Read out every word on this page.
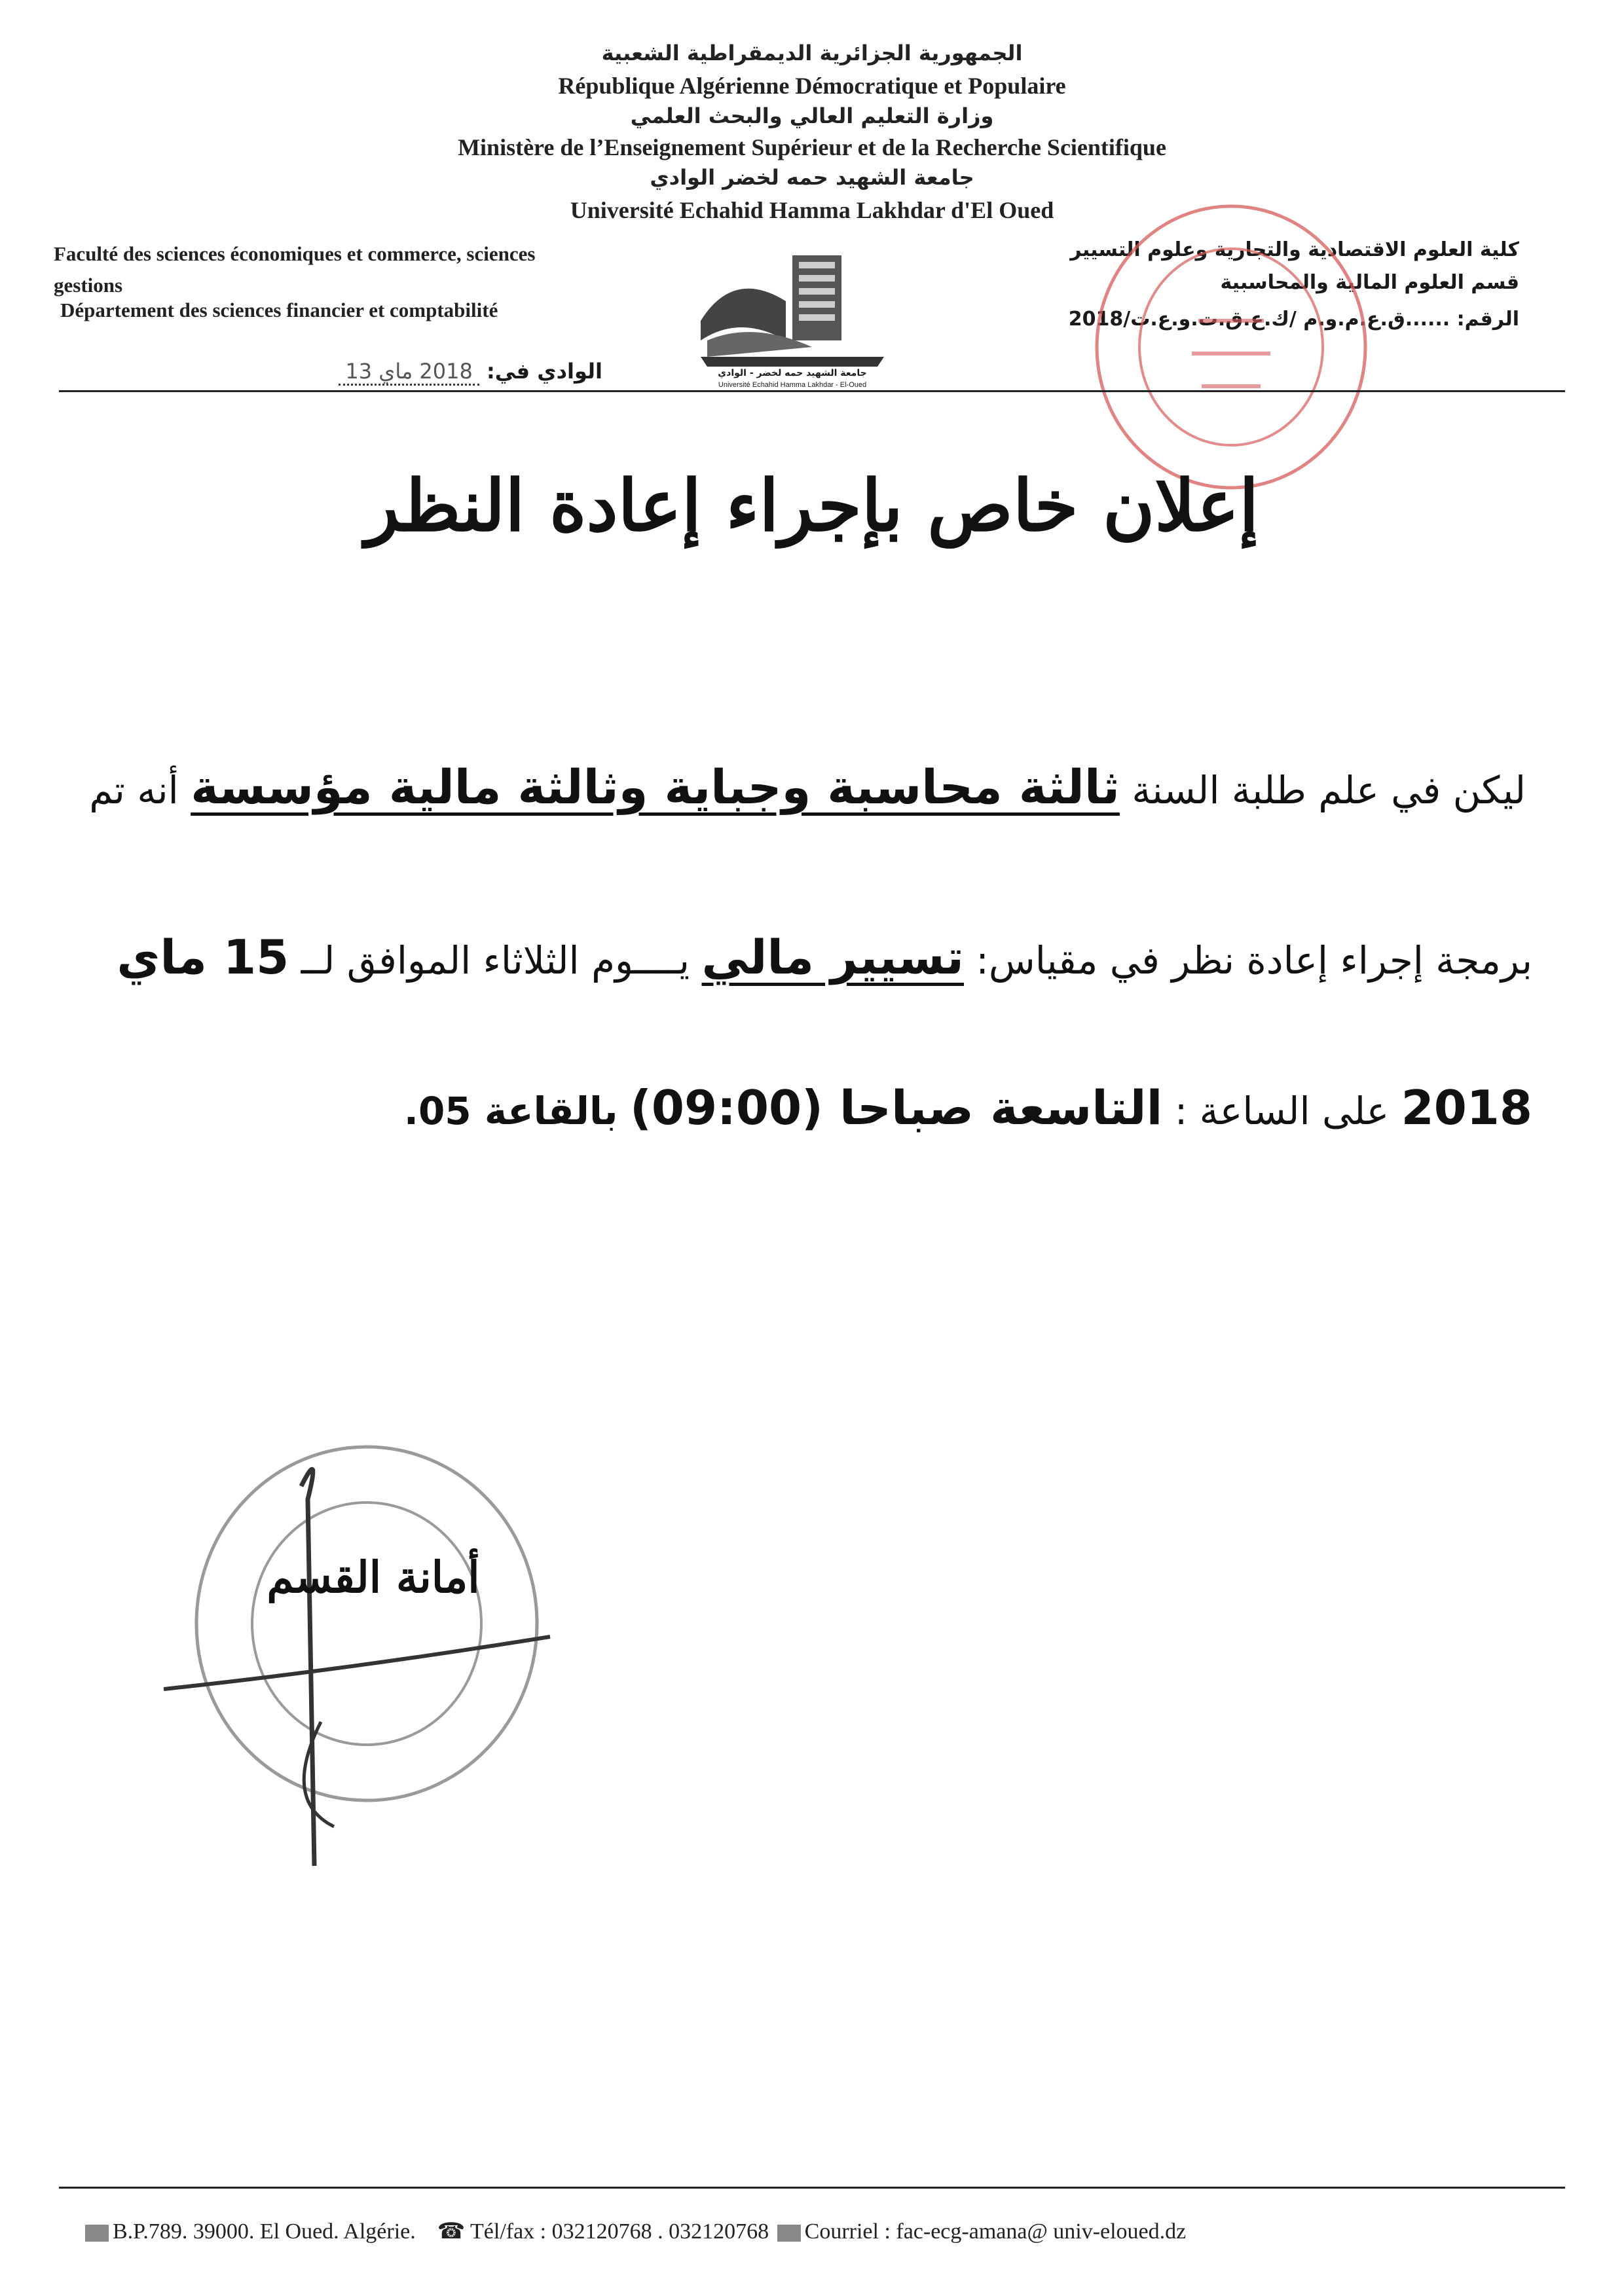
الجمهورية الجزائرية الديمقراطية الشعبية
République Algérienne Démocratique et Populaire
وزارة التعليم العالي والبحث العلمي
Ministère de l’Enseignement Supérieur et de la Recherche Scientifique
جامعة الشهيد حمه لخضر الوادي
Université Echahid Hamma Lakhdar d'El Oued
Faculté des sciences économiques et commerce, sciences
gestions
Département des sciences financier et comptabilité
الوادي في: 2018 ماي 13	جامعة الشهيد حمه لخضر - الوادي
Université Echahid Hamma Lakhdar - El-Oued
كلية العلوم الاقتصادية والتجارية وعلوم التسيير
قسم العلوم المالية والمحاسبية
الرقم: ......ق.ع.م.و.م /ك.ع.ق.ت.و.ع.ت/2018
إعلان خاص بإجراء إعادة النظر
ليكن في علم طلبة السنة ثالثة محاسبة وجباية وثالثة مالية مؤسسة أنه تم
برمجة إجراء إعادة نظر في مقياس: تسيير مالي يــــوم الثلاثاء الموافق لــ 15 ماي
2018 على الساعة : التاسعة صباحا (09:00) بالقاعة 05.
أمانة القسم
B.P.789. 39000. El Oued. Algérie. ☎ Tél/fax : 032120768 . 032120768 Courriel : fac-ecg-amana@ univ-eloued.dz
